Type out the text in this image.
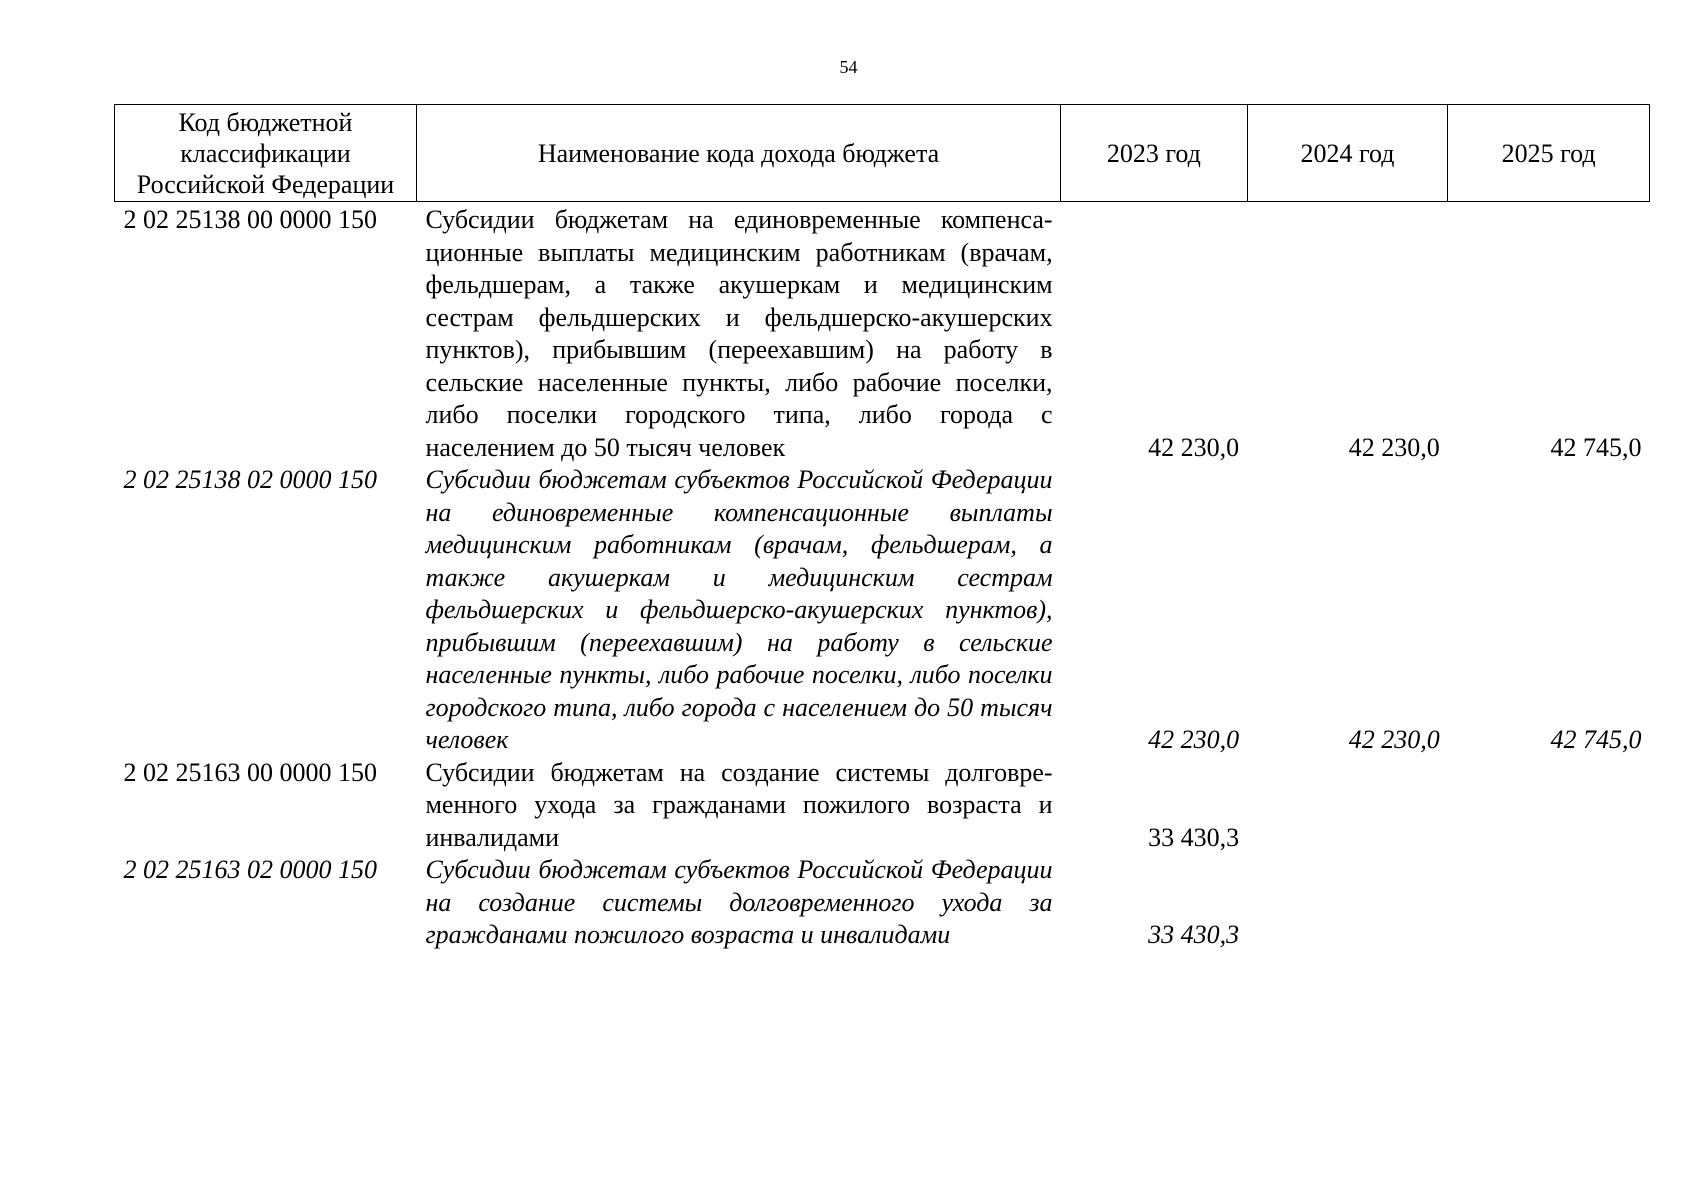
54
Код бюджетной классификации Российской Федерации	Наименование кода дохода бюджета	2023 год	2024 год	2025 год
2 02 25138 00 0000 150	Субсидии бюджетам на единовременные компенсационные выплаты медицинским работникам (врачам, фельдшерам, а также акушеркам и медицинским сестрам фельдшерских и фельдшерско-акушерских пунктов), прибывшим (переехавшим) на работу в сельские населенные пункты, либо рабочие поселки, либо поселки городского типа, либо города с населением до 50 тысяч человек	42 230,0	42 230,0	42 745,0
2 02 25138 02 0000 150	Субсидии бюджетам субъектов Российской Федерации на единовременные компенсационные выплаты медицинским работникам (врачам, фельдшерам, а также акушеркам и медицинским сестрам фельдшерских и фельдшерско-акушерских пунктов), прибывшим (переехавшим) на работу в сельские населенные пункты, либо рабочие поселки, либо поселки городского типа, либо города с населением до 50 тысяч человек	42 230,0	42 230,0	42 745,0
2 02 25163 00 0000 150	Субсидии бюджетам на создание системы долговременного ухода за гражданами пожилого возраста и инвалидами	33 430,3		
2 02 25163 02 0000 150	Субсидии бюджетам субъектов Российской Федерации на создание системы долговременного ухода за гражданами пожилого возраста и инвалидами	33 430,3		
